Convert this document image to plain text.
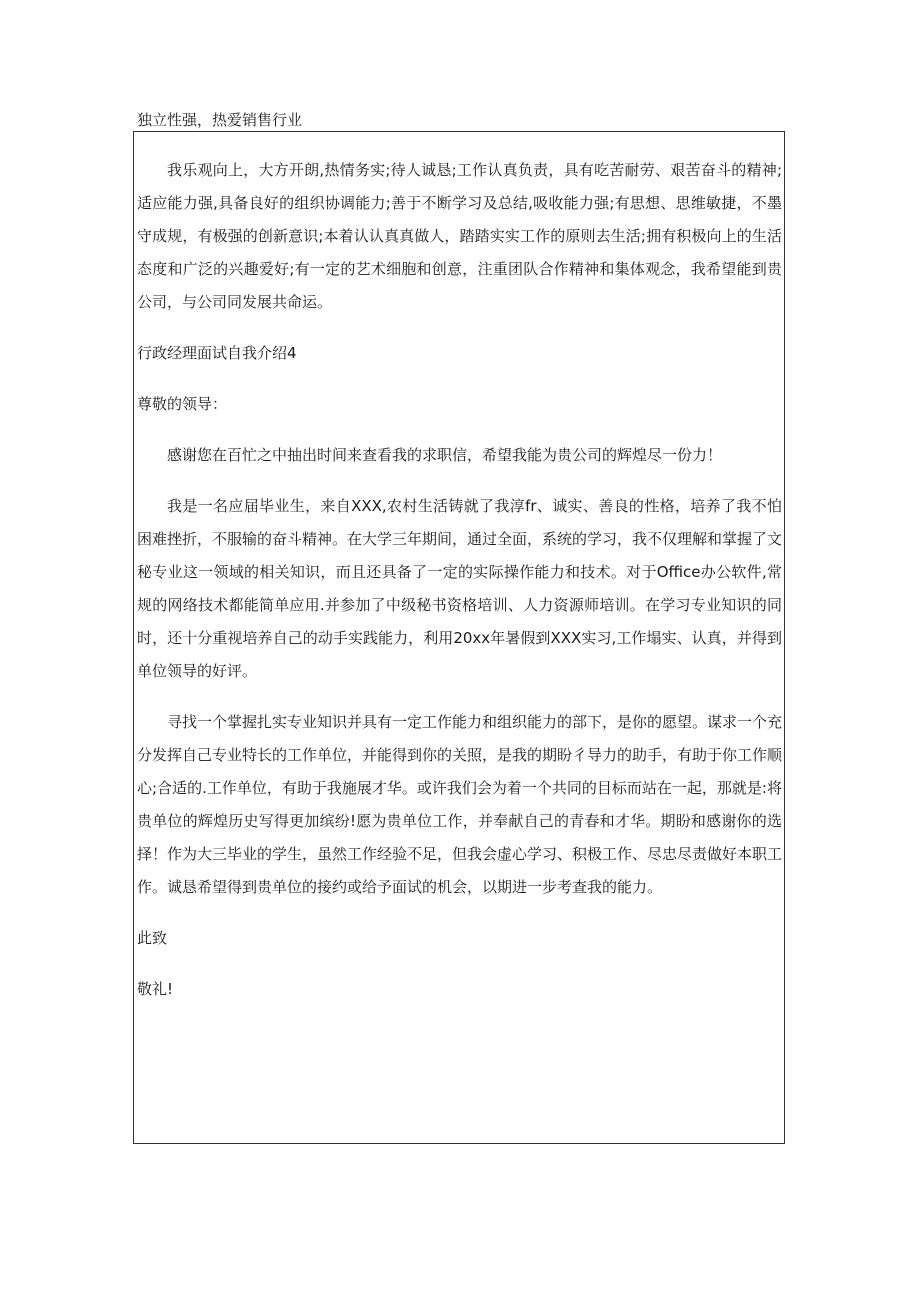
独立性强，热爱销售行业

我乐观向上，大方开朗,热情务实;待人诚恳;工作认真负责，具有吃苦耐劳、艰苦奋斗的精神;适应能力强,具备良好的组织协调能力;善于不断学习及总结,吸收能力强;有思想、思维敏捷，不墨守成规，有极强的创新意识;本着认认真真做人，踏踏实实工作的原则去生活;拥有积极向上的生活态度和广泛的兴趣爱好;有一定的艺术细胞和创意，注重团队合作精神和集体观念，我希望能到贵公司，与公司同发展共命运。

行政经理面试自我介绍4

尊敬的领导：

感谢您在百忙之中抽出时间来查看我的求职信，希望我能为贵公司的辉煌尽一份力！

我是一名应届毕业生，来自XXX,农村生活铸就了我淳fr、诚实、善良的性格，培养了我不怕困难挫折，不服输的奋斗精神。在大学三年期间，通过全面，系统的学习，我不仅理解和掌握了文秘专业这一领域的相关知识，而且还具备了一定的实际操作能力和技术。对于Office办公软件,常规的网络技术都能简单应用.并参加了中级秘书资格培训、人力资源师培训。在学习专业知识的同时，还十分重视培养自己的动手实践能力，利用20xx年暑假到XXX实习,工作塌实、认真，并得到单位领导的好评。

寻找一个掌握扎实专业知识并具有一定工作能力和组织能力的部下，是你的愿望。谋求一个充分发挥自己专业特长的工作单位，并能得到你的关照，是我的期盼彳导力的助手，有助于你工作顺心;合适的.工作单位，有助于我施展才华。或许我们会为着一个共同的目标而站在一起，那就是:将贵单位的辉煌历史写得更加缤纷!愿为贵单位工作，并奉献自己的青春和才华。期盼和感谢你的选择！作为大三毕业的学生，虽然工作经验不足，但我会虚心学习、积极工作、尽忠尽责做好本职工作。诚恳希望得到贵单位的接约或给予面试的机会，以期进一步考查我的能力。

此致

敬礼!
